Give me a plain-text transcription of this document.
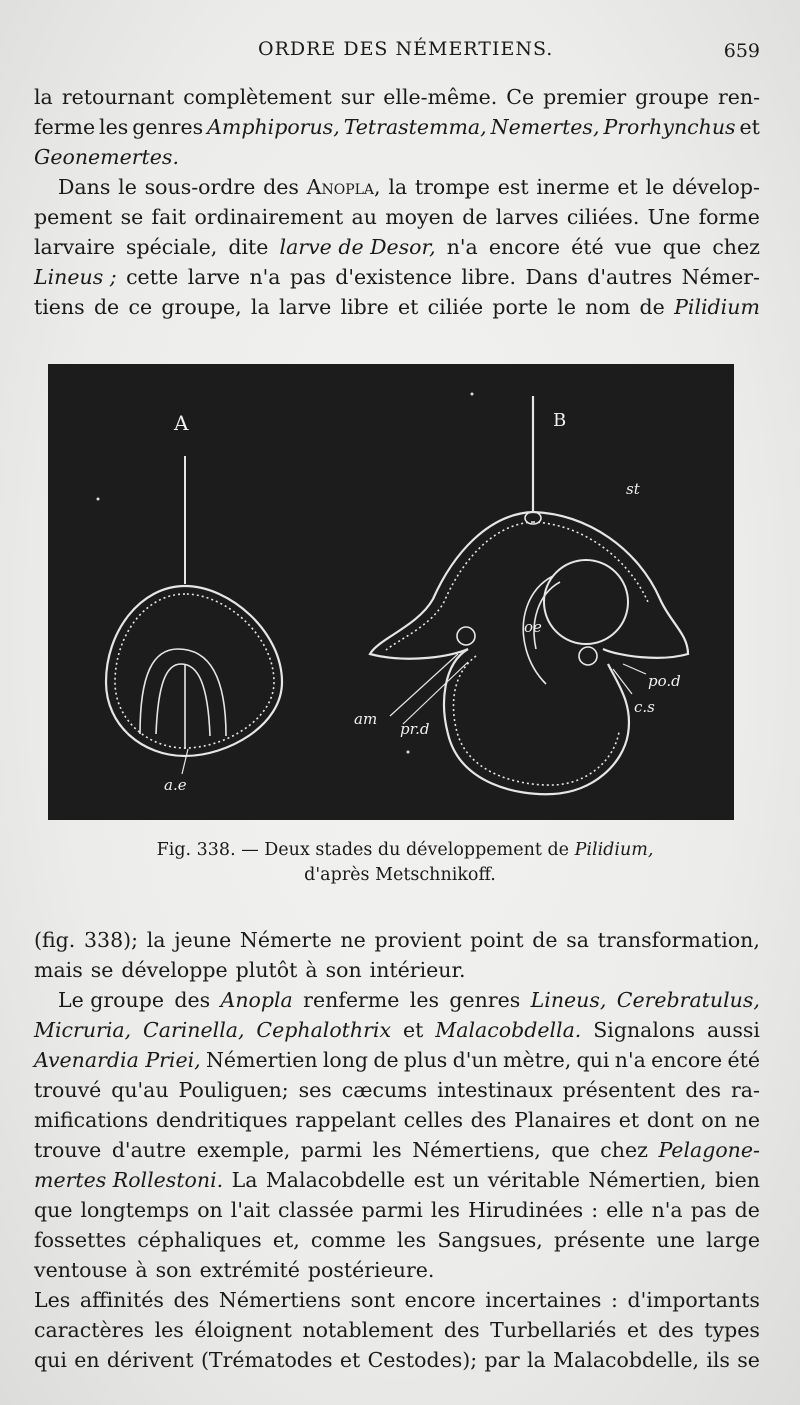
ORDRE DES NÉMERTIENS.	659
la retournant complètement sur elle-même. Ce premier groupe ren-
ferme les genres Amphiporus, Tetrastemma, Nemertes, Prorhynchus et
Geonemertes.
Dans le sous-ordre des Anopla, la trompe est inerme et le dévelop-
pement se fait ordinairement au moyen de larves ciliées. Une forme
larvaire spéciale, dite larve de Desor, n'a encore été vue que chez
Lineus ; cette larve n'a pas d'existence libre. Dans d'autres Némer-
tiens de ce groupe, la larve libre et ciliée porte le nom de Pilidium
A	B
st
oe
po.d
c.s
am
pr.d
a.e
Fig. 338. — Deux stades du développement de Pilidium,
d'après Metschnikoff.
(fig. 338); la jeune Némerte ne provient point de sa transformation,
mais se développe plutôt à son intérieur.
Le groupe des Anopla renferme les genres Lineus, Cerebratulus,
Micruria, Carinella, Cephalothrix et Malacobdella. Signalons aussi
Avenardia Priei, Némertien long de plus d'un mètre, qui n'a encore été
trouvé qu'au Pouliguen; ses cæcums intestinaux présentent des ra-
mifications dendritiques rappelant celles des Planaires et dont on ne
trouve d'autre exemple, parmi les Némertiens, que chez Pelagone-
mertes Rollestoni. La Malacobdelle est un véritable Némertien, bien
que longtemps on l'ait classée parmi les Hirudinées : elle n'a pas de
fossettes céphaliques et, comme les Sangsues, présente une large
ventouse à son extrémité postérieure.
Les affinités des Némertiens sont encore incertaines : d'importants
caractères les éloignent notablement des Turbellariés et des types
qui en dérivent (Trématodes et Cestodes); par la Malacobdelle, ils se
